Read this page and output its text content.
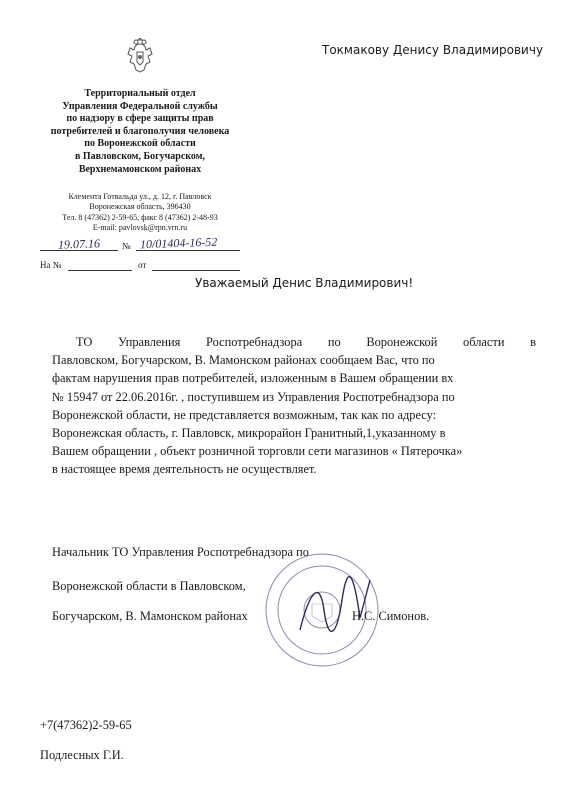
Территориальный отдел
Управления Федеральной службы
по надзору в сфере защиты прав
потребителей и благополучия человека
по Воронежской области
в Павловском, Богучарском,
Верхнемамонском районах
Клемента Готвальда ул., д. 12, г. Павловск
Воронежская область, 396430
Тел. 8 (47362) 2-59-65, факс 8 (47362) 2-48-93
E-mail: pavlovsk@rpn.vrn.ru
Токмакову Денису Владимировичу
19.07.16 № 10/01404-16-52
На №	от
Уважаемый Денис Владимирович!
ТО Управления Роспотребнадзора по Воронежской области в
Павловском, Богучарском, В. Мамонском районах сообщаем Вас, что по
фактам нарушения прав потребителей, изложенным в Вашем обращении вх
№ 15947 от 22.06.2016г. , поступившем из Управления Роспотребнадзора по
Воронежской области, не представляется возможным, так как по адресу:
Воронежская область, г. Павловск, микрорайон Гранитный,1,указанному в
Вашем обращении , объект розничной торговли сети магазинов « Пятерочка»
в настоящее время деятельность не осуществляет.
Начальник ТО Управления Роспотребнадзора по
Воронежской области в Павловском,
Богучарском, В. Мамонском районах	Н.С. Симонов.
+7(47362)2-59-65
Подлесных Г.И.
